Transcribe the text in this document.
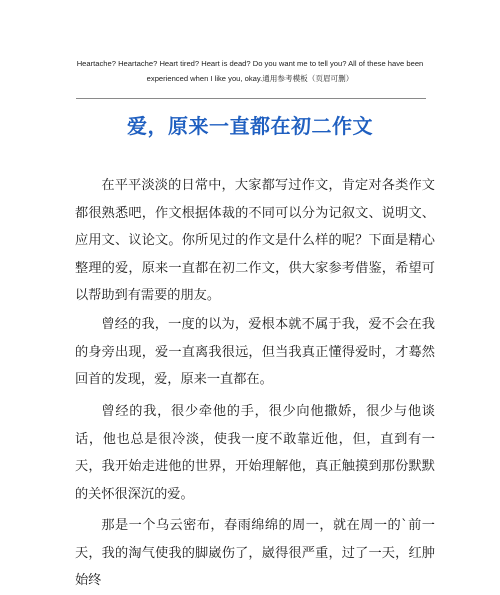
Heartache? Heartache? Heart tired? Heart is dead? Do you want me to tell you? All of these have been
experienced when I like you, okay.通用参考模板（页眉可删）
爱，原来一直都在初二作文

在平平淡淡的日常中，大家都写过作文，肯定对各类作文都很熟悉吧，作文根据体裁的不同可以分为记叙文、说明文、应用文、议论文。你所见过的作文是什么样的呢？下面是精心整理的爱，原来一直都在初二作文，供大家参考借鉴，希望可以帮助到有需要的朋友。

曾经的我，一度的以为，爱根本就不属于我，爱不会在我的身旁出现，爱一直离我很远，但当我真正懂得爱时，才蓦然回首的发现，爱，原来一直都在。

曾经的我，很少牵他的手，很少向他撒娇，很少与他谈话，他也总是很冷淡，使我一度不敢靠近他，但，直到有一天，我开始走进他的世界，开始理解他，真正触摸到那份默默的关怀很深沉的爱。

那是一个乌云密布，春雨绵绵的周一，就在周一的`前一天，我的淘气使我的脚崴伤了，崴得很严重，过了一天，红肿始终
